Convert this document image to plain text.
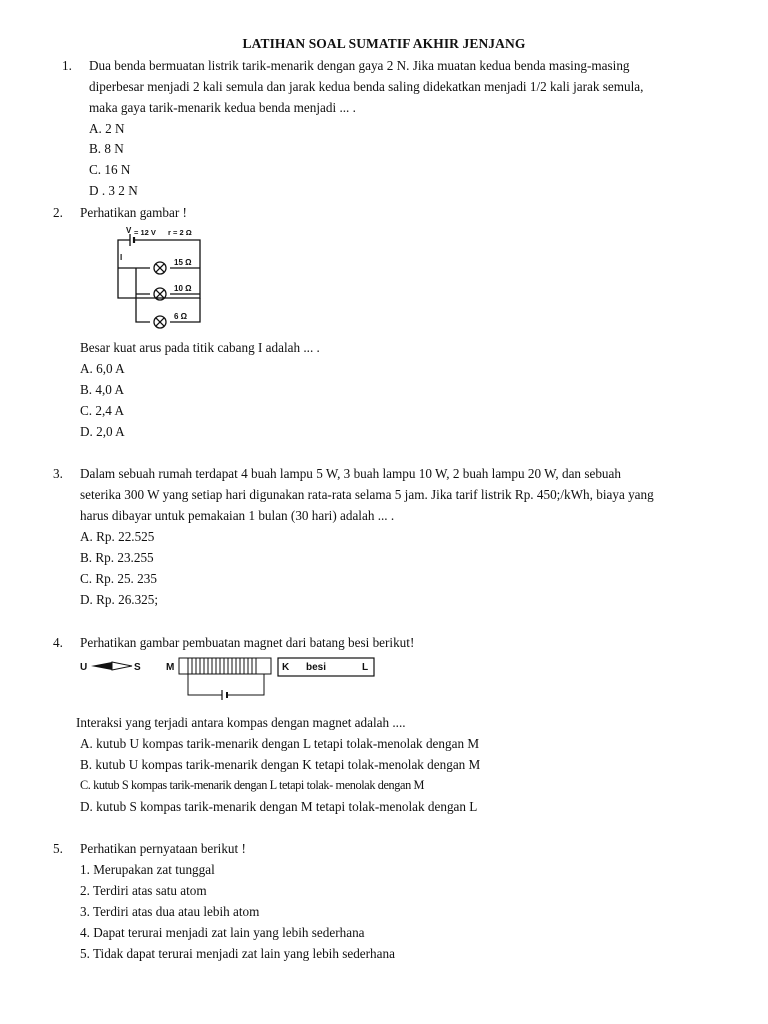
LATIHAN SOAL SUMATIF AKHIR JENJANG
1. Dua benda bermuatan listrik tarik-menarik dengan gaya 2 N. Jika muatan kedua benda masing-masing
diperbesar menjadi 2 kali semula dan jarak kedua benda saling didekatkan menjadi 1/2 kali jarak semula,
maka gaya tarik-menarik kedua benda menjadi ... .
A. 2 N
B. 8 N
C. 16 N
D . 3 2 N
2. Perhatikan gambar !
V = 12 V r = 2 Ω
I
15 Ω
10 Ω
6 Ω
Besar kuat arus pada titik cabang I adalah ... .
A. 6,0 A
B. 4,0 A
C. 2,4 A
D. 2,0 A
3. Dalam sebuah rumah terdapat 4 buah lampu 5 W, 3 buah lampu 10 W, 2 buah lampu 20 W, dan sebuah
seterika 300 W yang setiap hari digunakan rata-rata selama 5 jam. Jika tarif listrik Rp. 450;/kWh, biaya yang
harus dibayar untuk pemakaian 1 bulan (30 hari) adalah ... .
A. Rp. 22.525
B. Rp. 23.255
C. Rp. 25. 235
D. Rp. 26.325;
4. Perhatikan gambar pembuatan magnet dari batang besi berikut!
U	S	M	K besi	L
Interaksi yang terjadi antara kompas dengan magnet adalah ....
A. kutub U kompas tarik-menarik dengan L tetapi tolak-menolak dengan M
B. kutub U kompas tarik-menarik dengan K tetapi tolak-menolak dengan M
C. kutub S kompas tarik-menarik dengan L tetapi tolak- menolak dengan M
D. kutub S kompas tarik-menarik dengan M tetapi tolak-menolak dengan L
5. Perhatikan pernyataan berikut !
1. Merupakan zat tunggal
2. Terdiri atas satu atom
3. Terdiri atas dua atau lebih atom
4. Dapat terurai menjadi zat lain yang lebih sederhana
5. Tidak dapat terurai menjadi zat lain yang lebih sederhana
